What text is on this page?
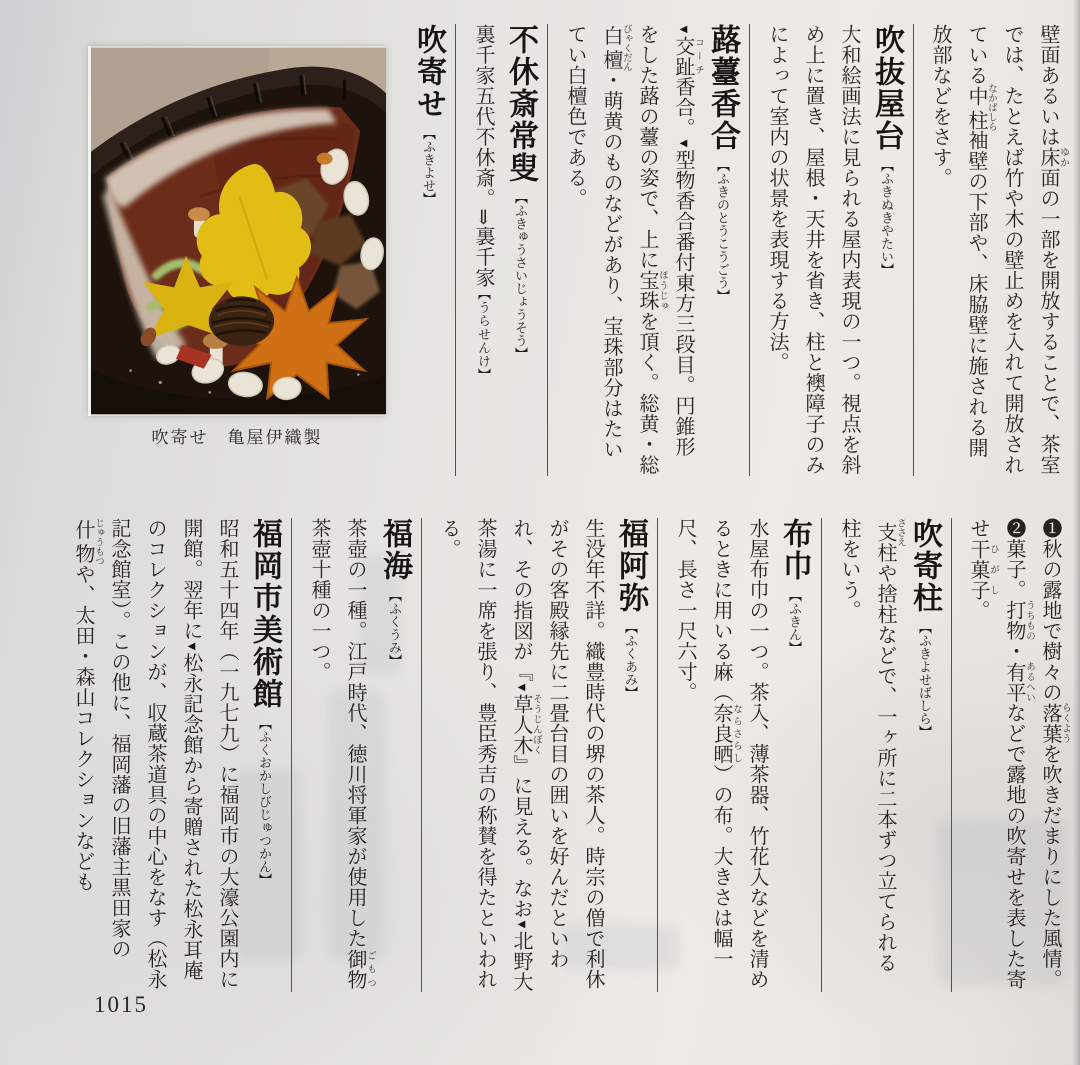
壁面あるいは床 ゆか面の一部を開放することで、茶室では、たとえば竹や木の壁止めを入れて開放されている中柱 なかばしら袖壁の下部や、床脇壁に施される開放部などをさす。
吹抜屋台【ふきぬきやたい】
大和絵画法に見られる屋内表現の一つ。視点を斜め上に置き、屋根・天井を省き、柱と襖障子のみによって室内の状景を表現する方法。
蕗薹香合【ふきのとうこうごう】
◀交趾 コーチ香合。◀型物香合番付東方三段目。円錐形をした蕗の薹の姿で、上に宝珠 ほうじゅを頂く。総黄・総白檀 びゃくだん・萌黄のものなどがあり、宝珠部分はたいてい白檀色である。
不休斎常叟【ふきゅうさいじょうそう】
裏千家五代不休斎。⇒裏千家【うらせんけ】
吹寄せ【ふきよせ】
吹寄せ　亀屋伊織製
❶秋の露地で樹々の落葉 らくようを吹きだまりにした風情。❷菓子。打物 うちもの・有平 あるへいなどで露地の吹寄せを表した寄せ干菓子 ひがし。
吹寄柱【ふきよせばしら】
支 ささえ柱や捨柱などで、一ヶ所に二本ずつ立てられる柱をいう。
布巾【ふきん】
水屋布巾の一つ。茶入、薄茶器、竹花入などを清めるときに用いる麻（奈良晒 ならさらし）の布。大きさは幅一尺、長さ一尺六寸。
福阿弥【ふくあみ】
生没年不詳。織豊時代の堺の茶人。時宗の僧で利休がその客殿縁先に二畳台目の囲いを好んだといわれ、その指図が『◀草人木 そうじんぼく』に見える。なお◀北野大茶湯に一席を張り、豊臣秀吉の称賛を得たといわれる。
福海【ふくうみ】
茶壺の一種。江戸時代、徳川将軍家が使用した御物 ごもつ茶壺十種の一つ。
福岡市美術館【ふくおかしびじゅつかん】
昭和五十四年（一九七九）に福岡市の大濠公園内に開館。翌年に◀松永記念館から寄贈された松永耳庵のコレクションが、収蔵茶道具の中心をなす（松永記念館室）。この他に、福岡藩の旧藩主黒田家の什物 じゅうもつや、太田・森山コレクションなども
1015
